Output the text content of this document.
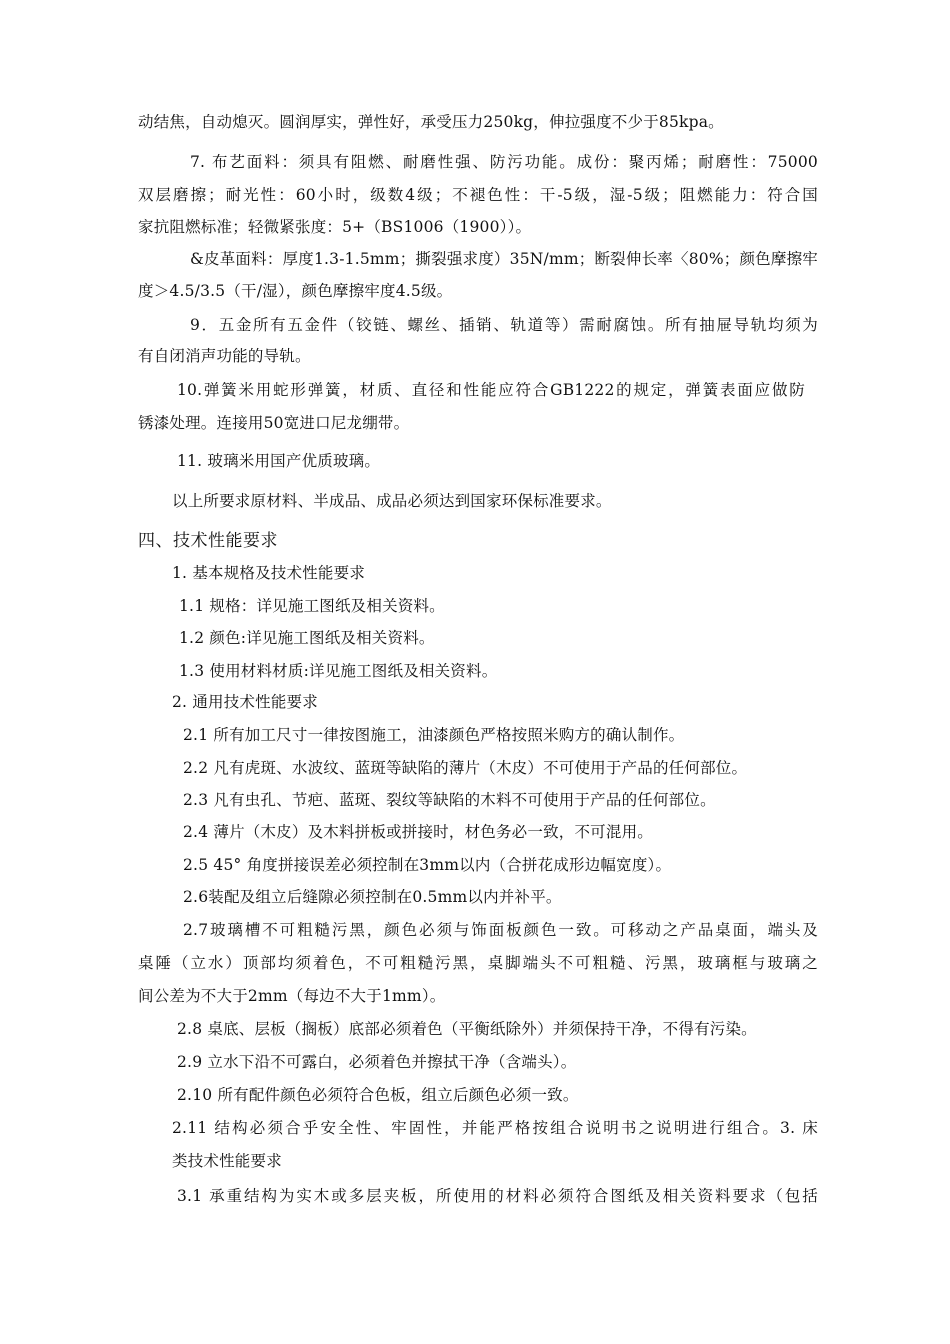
动结焦，自动熄灭。圆润厚实，弹性好，承受压力250kg，伸拉强度不少于85kpa。
7. 布艺面料：须具有阻燃、耐磨性强、防污功能。成份：聚丙烯；耐磨性：75000
双层磨擦；耐光性：60小时，级数4级；不褪色性：干-5级，湿-5级；阻燃能力：符合国
家抗阻燃标准；轻微紧张度：5+（BS1006（1900））。
&皮革面料：厚度1.3-1.5mm；撕裂强求度）35N/mm；断裂伸长率〈80%；颜色摩擦牢
度＞4.5/3.5（干/湿），颜色摩擦牢度4.5级。
9．五金所有五金件（铰链、螺丝、插销、轨道等）需耐腐蚀。所有抽屉导轨均须为
有自闭消声功能的导轨。
10.弹簧米用蛇形弹簧，材质、直径和性能应符合GB1222的规定，弹簧表面应做防
锈漆处理。连接用50宽进口尼龙绷带。
11. 玻璃米用国产优质玻璃。
以上所要求原材料、半成品、成品必须达到国家环保标准要求。
四、技术性能要求
1. 基本规格及技术性能要求
1.1 规格：详见施工图纸及相关资料。
1.2 颜色:详见施工图纸及相关资料。
1.3 使用材料材质:详见施工图纸及相关资料。
2. 通用技术性能要求
2.1 所有加工尺寸一律按图施工，油漆颜色严格按照米购方的确认制作。
2.2 凡有虎斑、水波纹、蓝斑等缺陷的薄片（木皮）不可使用于产品的任何部位。
2.3 凡有虫孔、节疤、蓝斑、裂纹等缺陷的木料不可使用于产品的任何部位。
2.4 薄片（木皮）及木料拼板或拼接时，材色务必一致，不可混用。
2.5 45° 角度拼接误差必须控制在3mm以内（合拼花成形边幅宽度）。
2.6装配及组立后缝隙必须控制在0.5mm以内并补平。
2.7玻璃槽不可粗糙污黑，颜色必须与饰面板颜色一致。可移动之产品桌面，端头及
桌陲（立水）顶部均须着色，不可粗糙污黑，桌脚端头不可粗糙、污黑，玻璃框与玻璃之
间公差为不大于2mm（每边不大于1mm）。
2.8 桌底、层板（搁板）底部必须着色（平衡纸除外）并须保持干净，不得有污染。
2.9 立水下沿不可露白，必须着色并擦拭干净（含端头）。
2.10 所有配件颜色必须符合色板，组立后颜色必须一致。
2.11 结构必须合乎安全性、牢固性，并能严格按组合说明书之说明进行组合。3. 床
类技术性能要求
3.1 承重结构为实木或多层夹板，所使用的材料必须符合图纸及相关资料要求（包括
